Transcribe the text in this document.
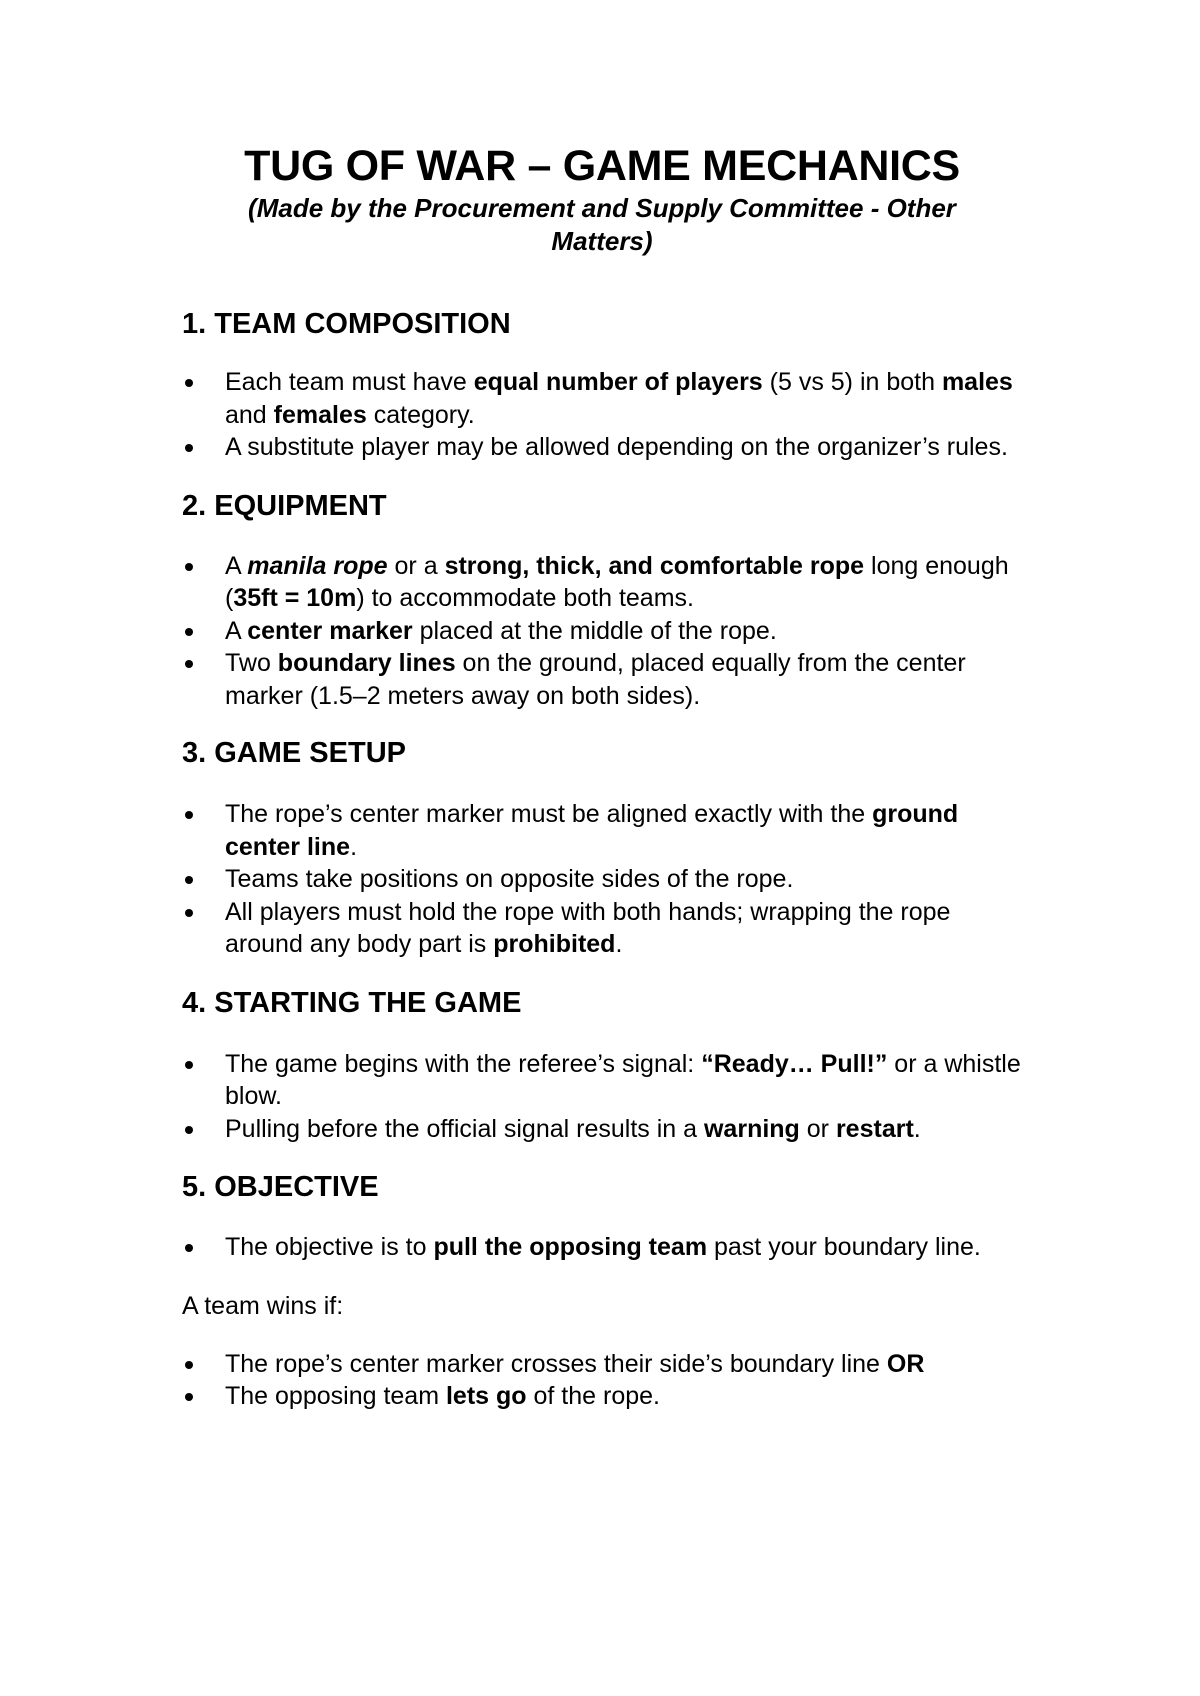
TUG OF WAR – GAME MECHANICS

(Made by the Procurement and Supply Committee - Other Matters)

1. TEAM COMPOSITION
Each team must have equal number of players (5 vs 5) in both males and females category.
A substitute player may be allowed depending on the organizer’s rules.
2. EQUIPMENT
A manila rope or a strong, thick, and comfortable rope long enough (35ft = 10m) to accommodate both teams.
A center marker placed at the middle of the rope.
Two boundary lines on the ground, placed equally from the center marker (1.5–2 meters away on both sides).
3. GAME SETUP
The rope’s center marker must be aligned exactly with the ground center line.
Teams take positions on opposite sides of the rope.
All players must hold the rope with both hands; wrapping the rope around any body part is prohibited.
4. STARTING THE GAME
The game begins with the referee’s signal: “Ready… Pull!” or a whistle blow.
Pulling before the official signal results in a warning or restart.
5. OBJECTIVE
The objective is to pull the opposing team past your boundary line.

A team wins if:

The rope’s center marker crosses their side’s boundary line OR
The opposing team lets go of the rope.
